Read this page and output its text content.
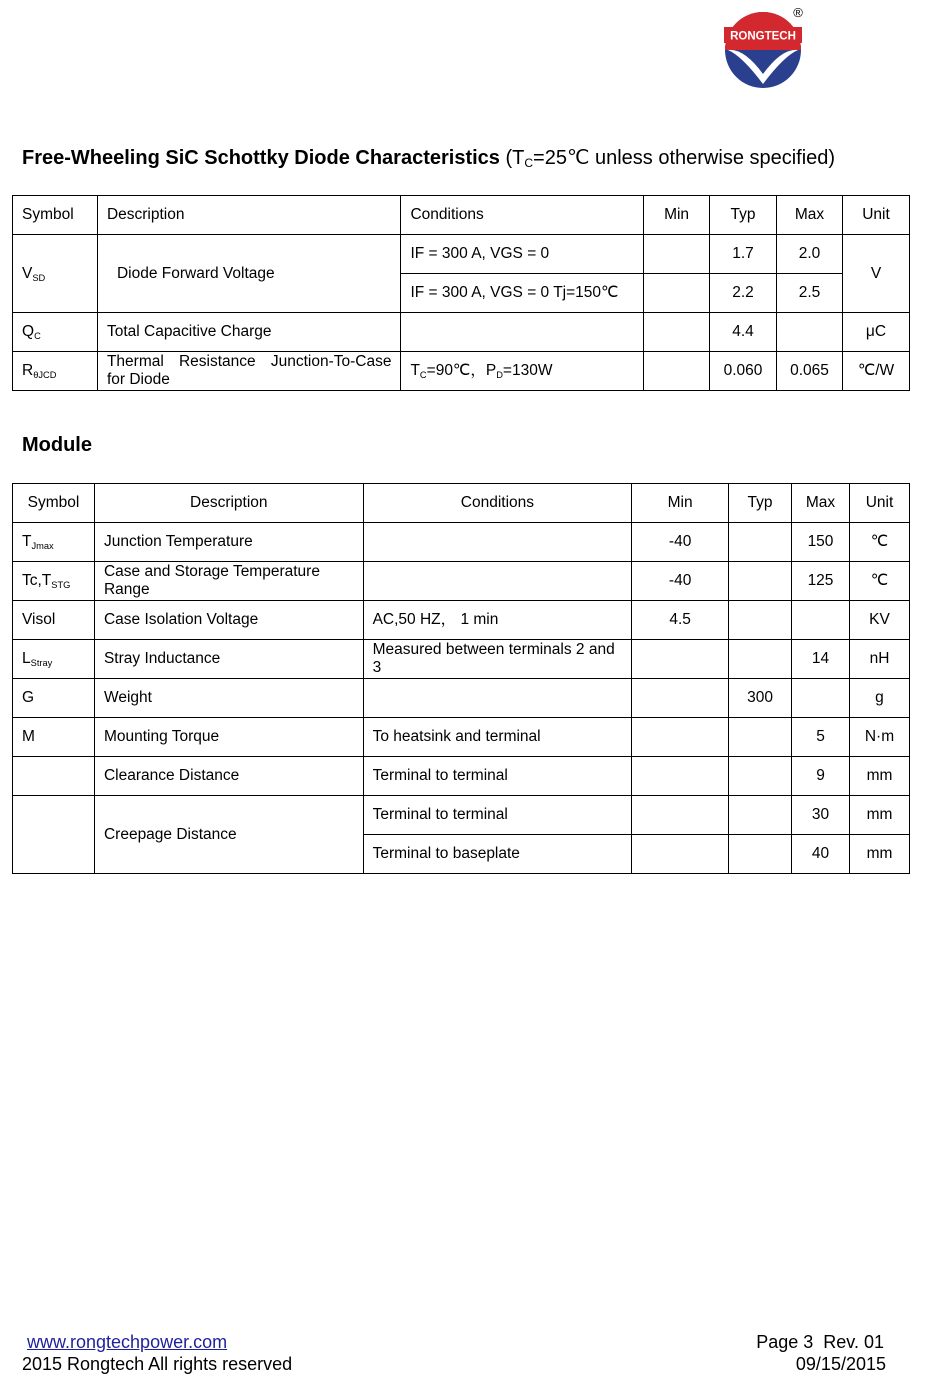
RONGTECH
®
Free-Wheeling SiC Schottky Diode Characteristics ($T_C=25℃$ unless otherwise specified)
Symbol	Description	Conditions	Min	Typ	Max	Unit
$V_{SD}$	Diode Forward Voltage	IF = 300 A, VGS = 0		1.7	2.0	V
		IF = 300 A, VGS = 0 Tj=150℃		2.2	2.5	
$Q_C$	Total Capacitive Charge			4.4		μC
$R_{\theta JCD}$	Thermal Resistance Junction-To-Case for Diode	$T_C=90℃$，$P_D=130W$		0.060	0.065	℃/W
Module
Symbol	Description	Conditions	Min	Typ	Max	Unit
$T_{Jmax}$	Junction Temperature		-40		150	℃
$Tc,T_{STG}$	Case and Storage Temperature Range		-40		125	℃
Visol	Case Isolation Voltage	AC,50 HZ， 1 min	4.5			KV
$L_{Stray}$	Stray Inductance	Measured between terminals 2 and 3			14	nH
G	Weight			300		g
M	Mounting Torque	To heatsink and terminal			5	N·m
	Clearance Distance	Terminal to terminal			9	mm
	Creepage Distance	Terminal to terminal			30	mm
		Terminal to baseplate			40	mm
www.rongtechpower.com
2015 Rongtech All rights reserved
Page 3  Rev. 01
09/15/2015
